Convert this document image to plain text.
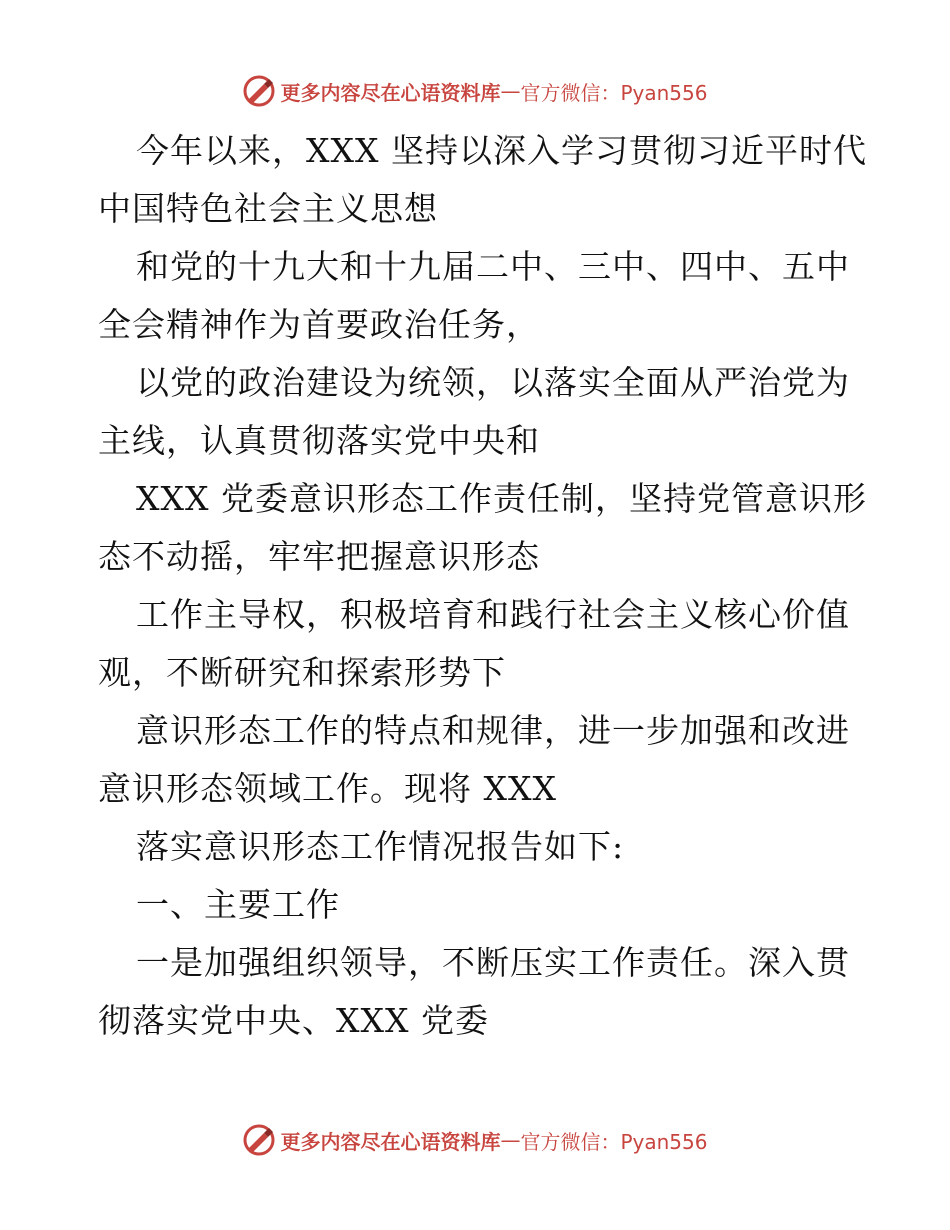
更多内容尽在心语资料库 — 官方微信：Pyan556
今年以来，XXX 坚持以深入学习贯彻习近平时代
中国特色社会主义思想
和党的十九大和十九届二中、三中、四中、五中
全会精神作为首要政治任务，
以党的政治建设为统领，以落实全面从严治党为
主线，认真贯彻落实党中央和
XXX 党委意识形态工作责任制，坚持党管意识形
态不动摇，牢牢把握意识形态
工作主导权，积极培育和践行社会主义核心价值
观，不断研究和探索形势下
意识形态工作的特点和规律，进一步加强和改进
意识形态领域工作。现将 XXX
落实意识形态工作情况报告如下:
一、主要工作
一是加强组织领导，不断压实工作责任。深入贯
彻落实党中央、XXX 党委
更多内容尽在心语资料库 — 官方微信：Pyan556
